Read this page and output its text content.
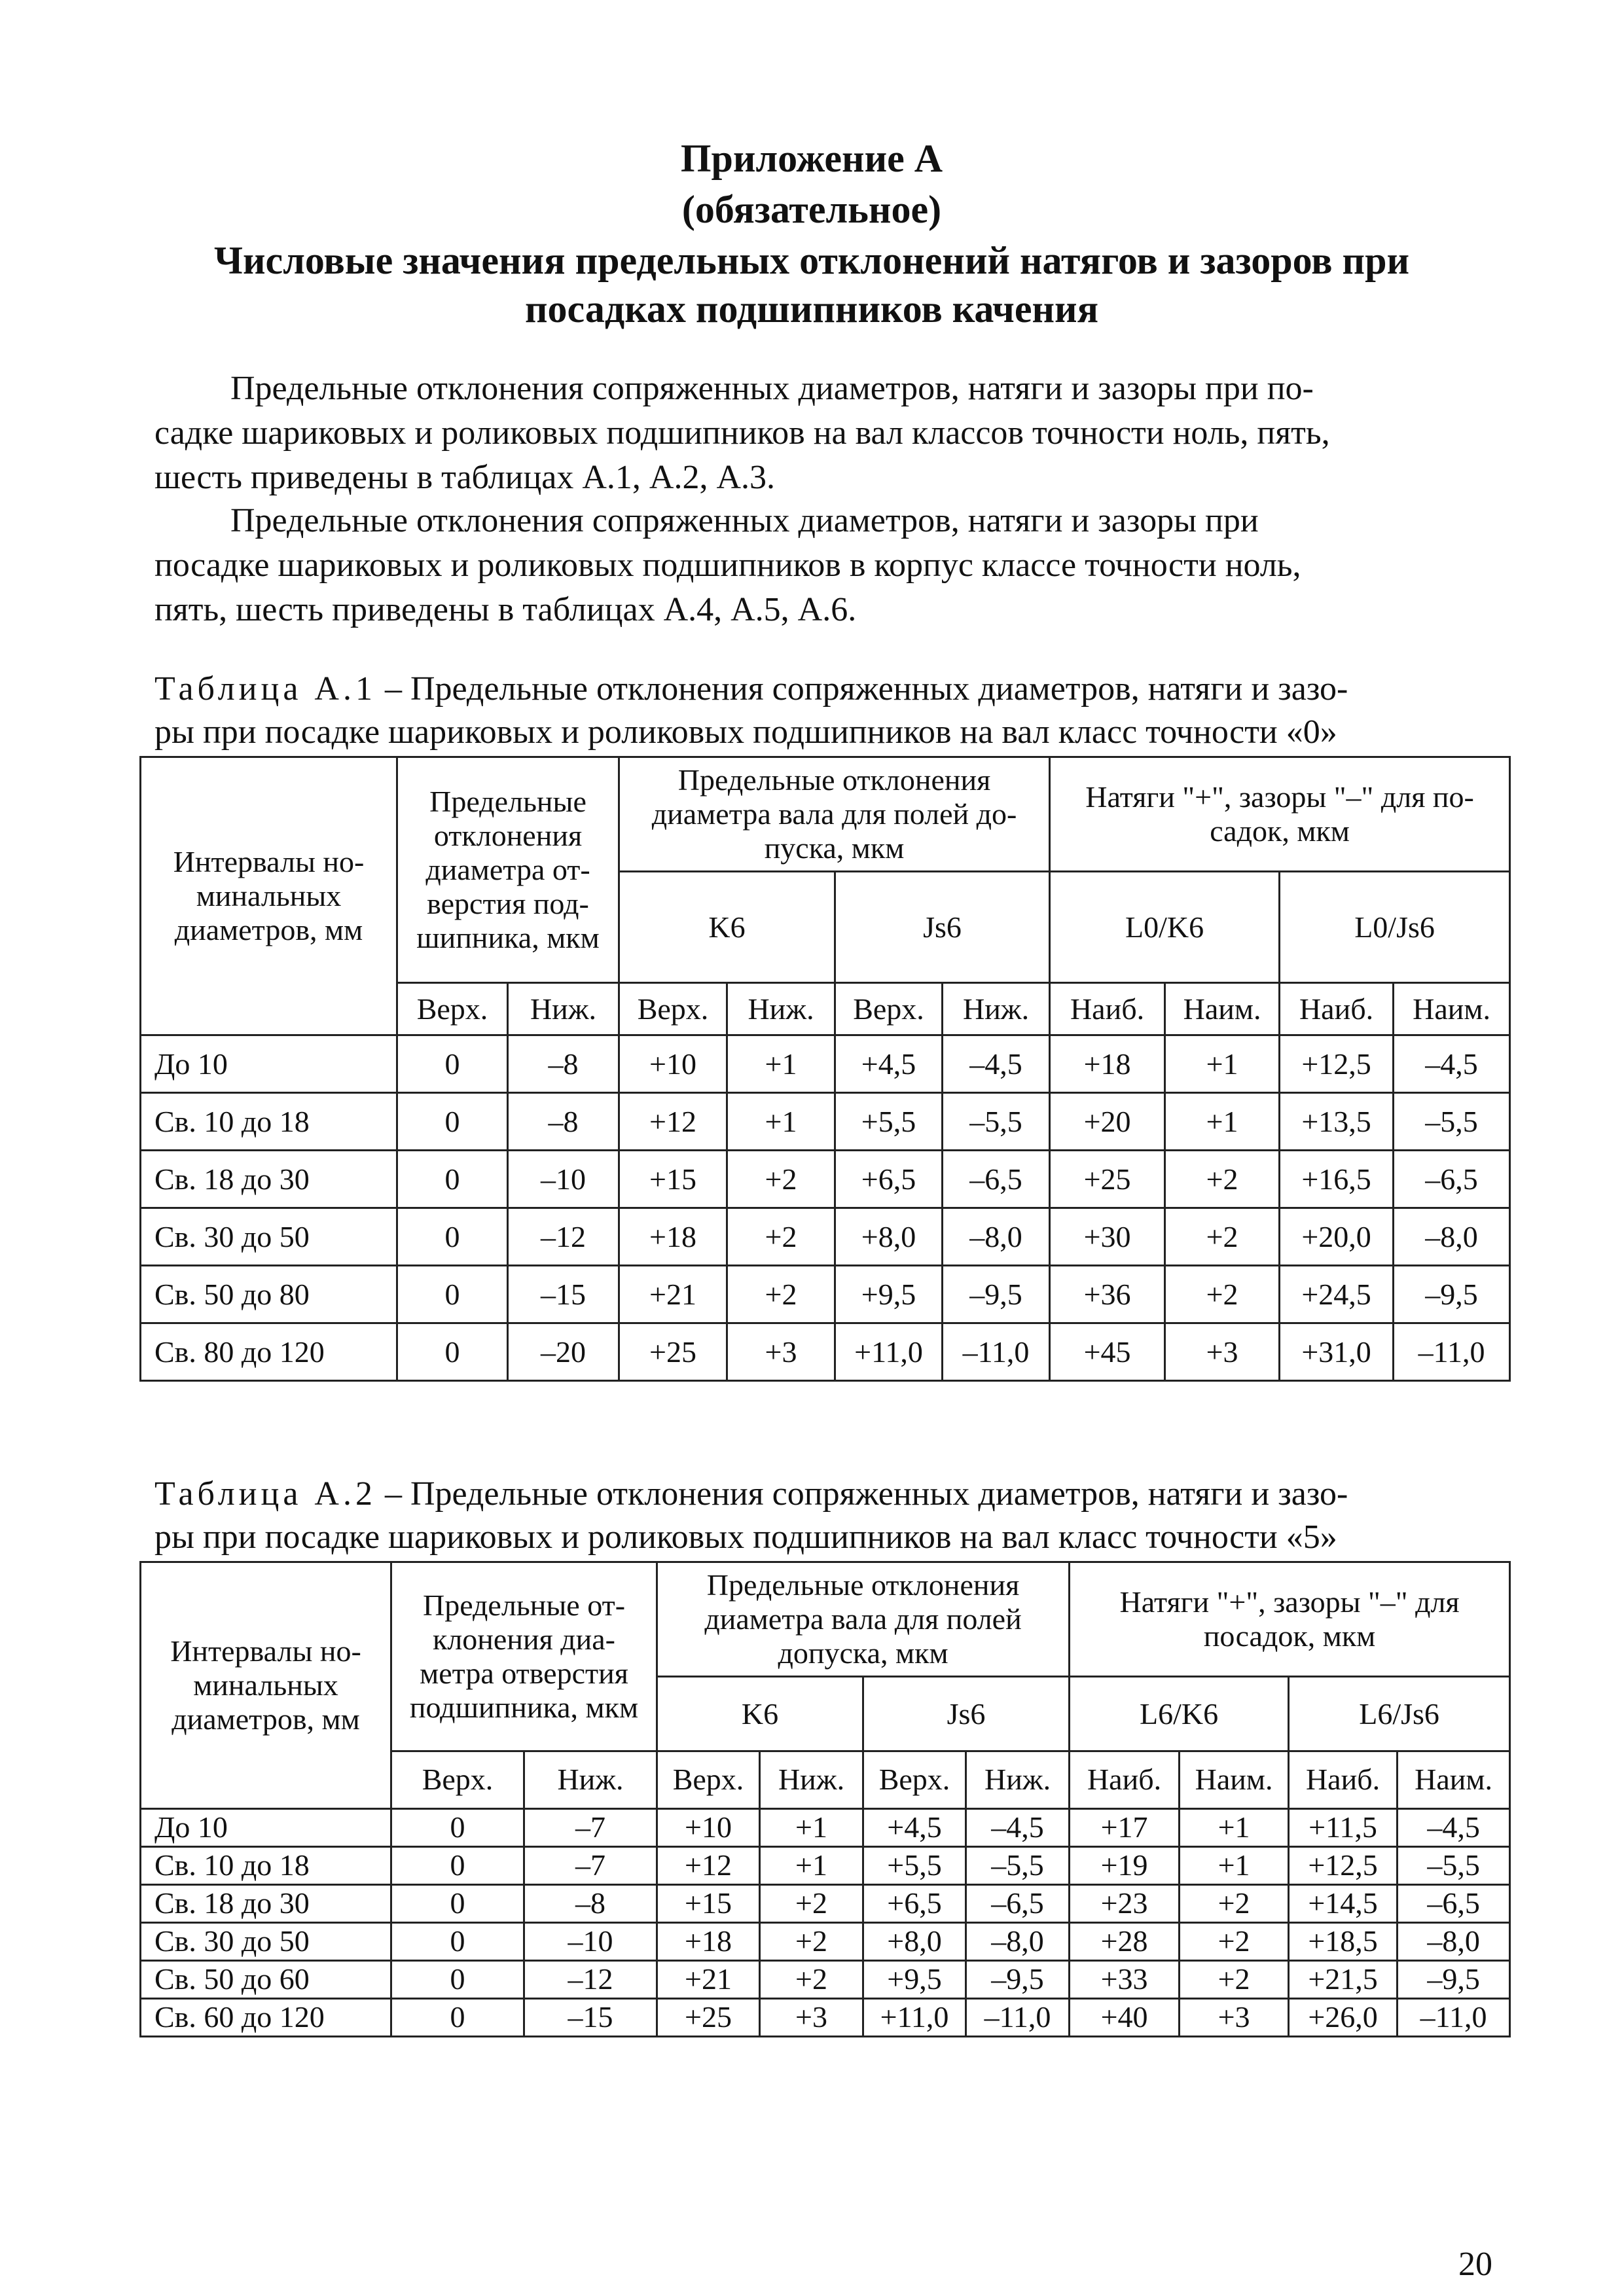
Приложение А
(обязательное)
Числовые значения предельных отклонений натягов и зазоров при
посадках подшипников качения
Предельные отклонения сопряженных диаметров, натяги и зазоры при по-
садке шариковых и роликовых подшипников на вал классов точности ноль, пять,
шесть приведены в таблицах А.1, А.2, А.3.
Предельные отклонения сопряженных диаметров, натяги и зазоры при
посадке шариковых и роликовых подшипников в корпус классе точности ноль,
пять, шесть приведены в таблицах А.4, А.5, А.6.
Таблица А.1 – Предельные отклонения сопряженных диаметров, натяги и зазо-
ры при посадке шариковых и роликовых подшипников на вал класс точности «0»
Интервалы но-минальных диаметров, мм	Предельные отклонения диаметра от-верстия под-шипника, мкм		Предельные отклонения диаметра вала для полей до-пуска, мкм				Натяги "+", зазоры "–" для по-садок, мкм			
			K6		Js6		L0/K6		L0/Js6	
	Верх.	Ниж.	Верх.	Ниж.	Верх.	Ниж.	Наиб.	Наим.	Наиб.	Наим.
До 10	0	–8	+10	+1	+4,5	–4,5	+18	+1	+12,5	–4,5
Св. 10 до 18	0	–8	+12	+1	+5,5	–5,5	+20	+1	+13,5	–5,5
Св. 18 до 30	0	–10	+15	+2	+6,5	–6,5	+25	+2	+16,5	–6,5
Св. 30 до 50	0	–12	+18	+2	+8,0	–8,0	+30	+2	+20,0	–8,0
Св. 50 до 80	0	–15	+21	+2	+9,5	–9,5	+36	+2	+24,5	–9,5
Св. 80 до 120	0	–20	+25	+3	+11,0	–11,0	+45	+3	+31,0	–11,0
Таблица А.2 – Предельные отклонения сопряженных диаметров, натяги и зазо-
ры при посадке шариковых и роликовых подшипников на вал класс точности «5»
Интервалы но-минальных диаметров, мм	Предельные от-клонения диа-метра отверстия подшипника, мкм		Предельные отклонения диаметра вала для полей допуска, мкм				Натяги "+", зазоры "–" для посадок, мкм			
			K6		Js6		L6/K6		L6/Js6	
	Верх.	Ниж.	Верх.	Ниж.	Верх.	Ниж.	Наиб.	Наим.	Наиб.	Наим.
До 10	0	–7	+10	+1	+4,5	–4,5	+17	+1	+11,5	–4,5
Св. 10 до 18	0	–7	+12	+1	+5,5	–5,5	+19	+1	+12,5	–5,5
Св. 18 до 30	0	–8	+15	+2	+6,5	–6,5	+23	+2	+14,5	–6,5
Св. 30 до 50	0	–10	+18	+2	+8,0	–8,0	+28	+2	+18,5	–8,0
Св. 50 до 60	0	–12	+21	+2	+9,5	–9,5	+33	+2	+21,5	–9,5
Св. 60 до 120	0	–15	+25	+3	+11,0	–11,0	+40	+3	+26,0	–11,0
20
